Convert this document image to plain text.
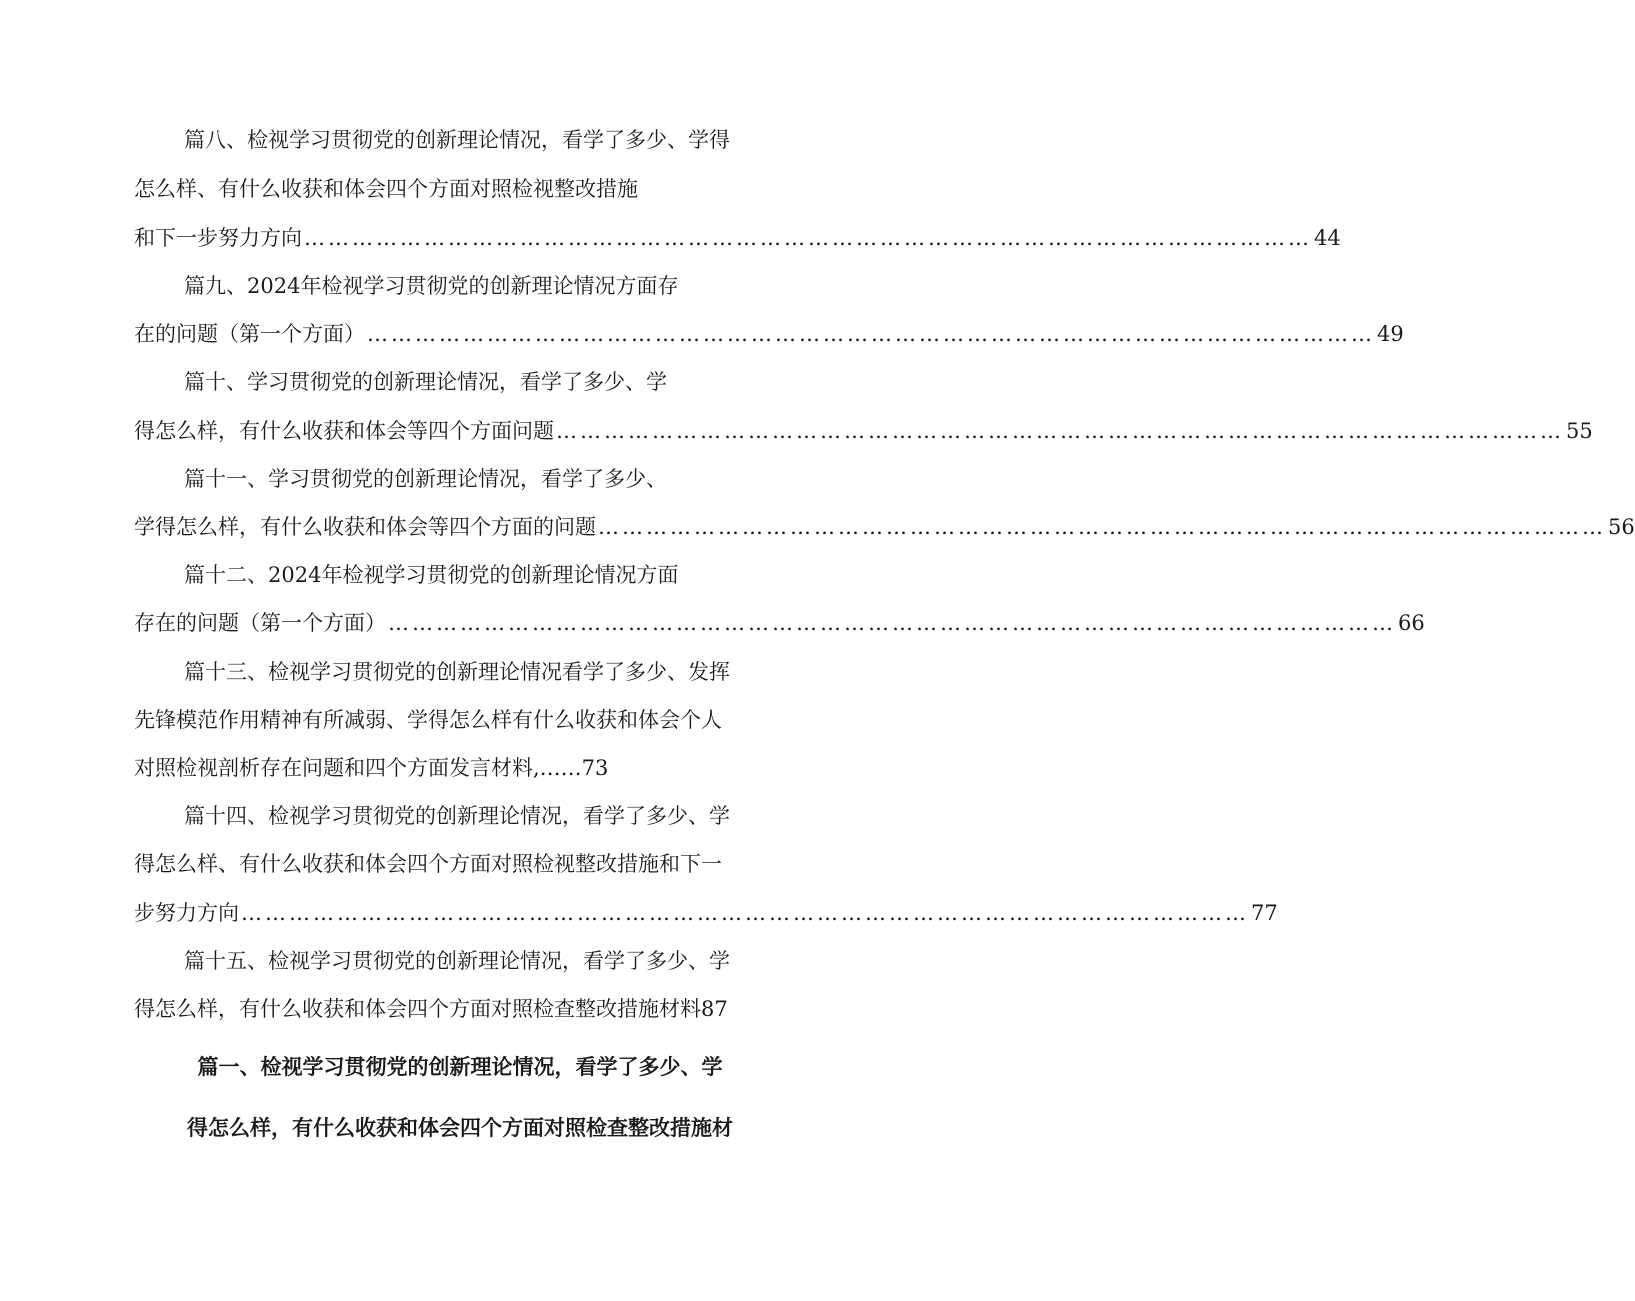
篇八、检视学习贯彻党的创新理论情况，看学了多少、学得
怎么样、有什么收获和体会四个方面对照检视整改措施
和下一步努力方向 ……………………………………………………………………………………………………………… 44
篇九、2024年检视学习贯彻党的创新理论情况方面存
在的问题（第一个方面） ……………………………………………………………………………………………………………… 49
篇十、学习贯彻党的创新理论情况，看学了多少、学
得怎么样，有什么收获和体会等四个方面问题 ……………………………………………………………………………………………………………… 55
篇十一、学习贯彻党的创新理论情况，看学了多少、
学得怎么样，有什么收获和体会等四个方面的问题 ……………………………………………………………………………………………………………… 56
篇十二、2024年检视学习贯彻党的创新理论情况方面
存在的问题（第一个方面） ……………………………………………………………………………………………………………… 66
篇十三、检视学习贯彻党的创新理论情况看学了多少、发挥
先锋模范作用精神有所减弱、学得怎么样有什么收获和体会个人
对照检视剖析存在问题和四个方面发言材料,……73
篇十四、检视学习贯彻党的创新理论情况，看学了多少、学
得怎么样、有什么收获和体会四个方面对照检视整改措施和下一
步努力方向 ……………………………………………………………………………………………………………… 77
篇十五、检视学习贯彻党的创新理论情况，看学了多少、学
得怎么样，有什么收获和体会四个方面对照检查整改措施材料87
篇一、检视学习贯彻党的创新理论情况，看学了多少、学
得怎么样，有什么收获和体会四个方面对照检查整改措施材
